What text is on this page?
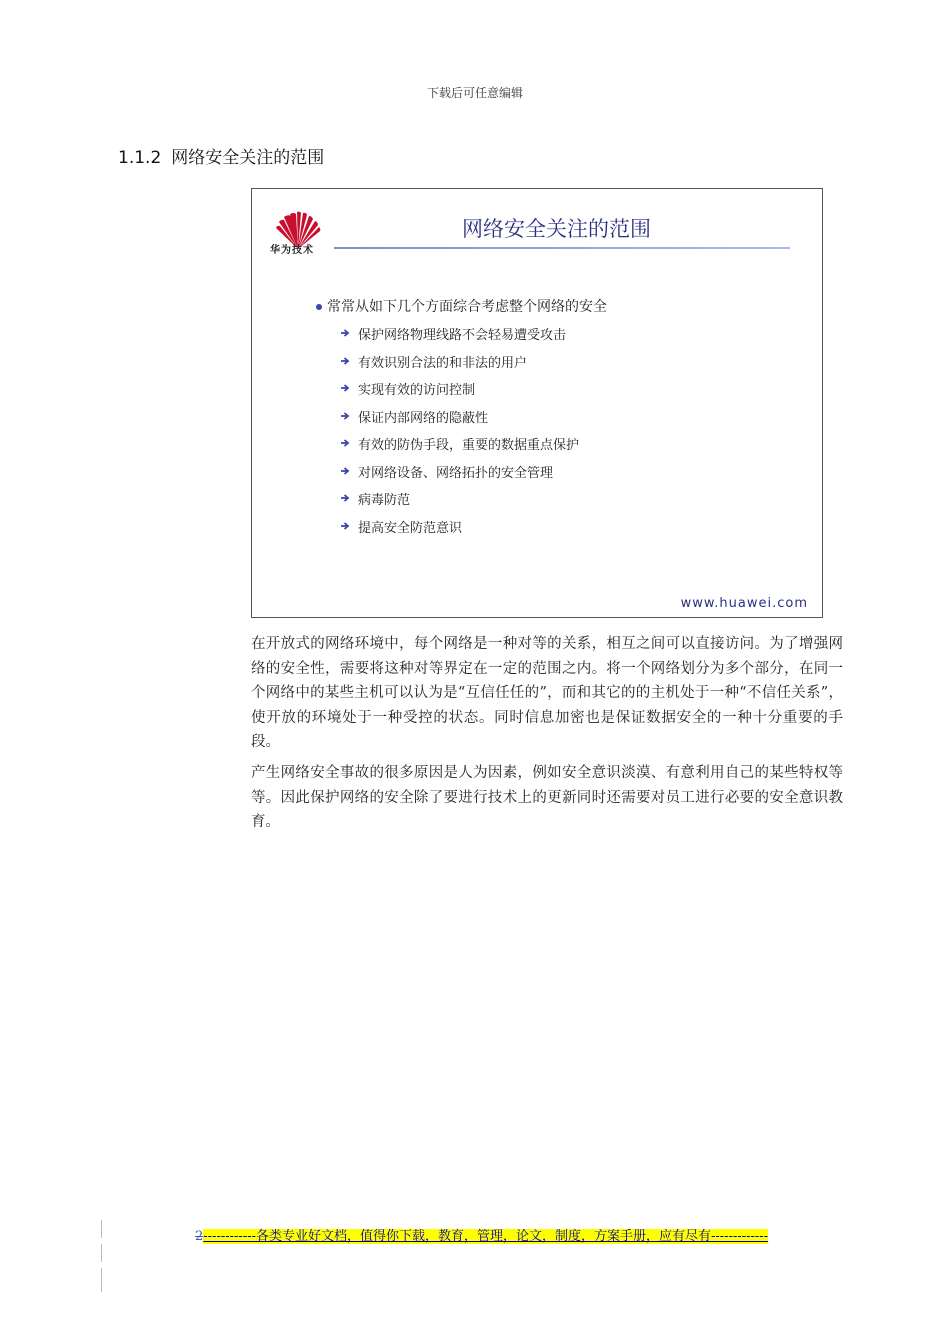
下载后可任意编辑
1.1.2 网络安全关注的范围
华为技术
网络安全关注的范围
常常从如下几个方面综合考虑整个网络的安全
保护网络物理线路不会轻易遭受攻击
有效识别合法的和非法的用户
实现有效的访问控制
保证内部网络的隐蔽性
有效的防伪手段，重要的数据重点保护
对网络设备、网络拓扑的安全管理
病毒防范
提高安全防范意识
www.huawei.com

在开放式的网络环境中，每个网络是一种对等的关系，相互之间可以直接访问。为了增强网络的安全性，需要将这种对等界定在一定的范围之内。将一个网络划分为多个部分，在同一个网络中的某些主机可以认为是“互信任任的”，而和其它的的主机处于一种“不信任关系”，使开放的环境处于一种受控的状态。同时信息加密也是保证数据安全的一种十分重要的手段。

产生网络安全事故的很多原因是人为因素，例如安全意识淡漠、有意利用自己的某些特权等等。因此保护网络的安全除了要进行技术上的更新同时还需要对员工进行必要的安全意识教育。

2------------各类专业好文档，值得你下载，教育，管理，论文，制度，方案手册，应有尽有-------------
